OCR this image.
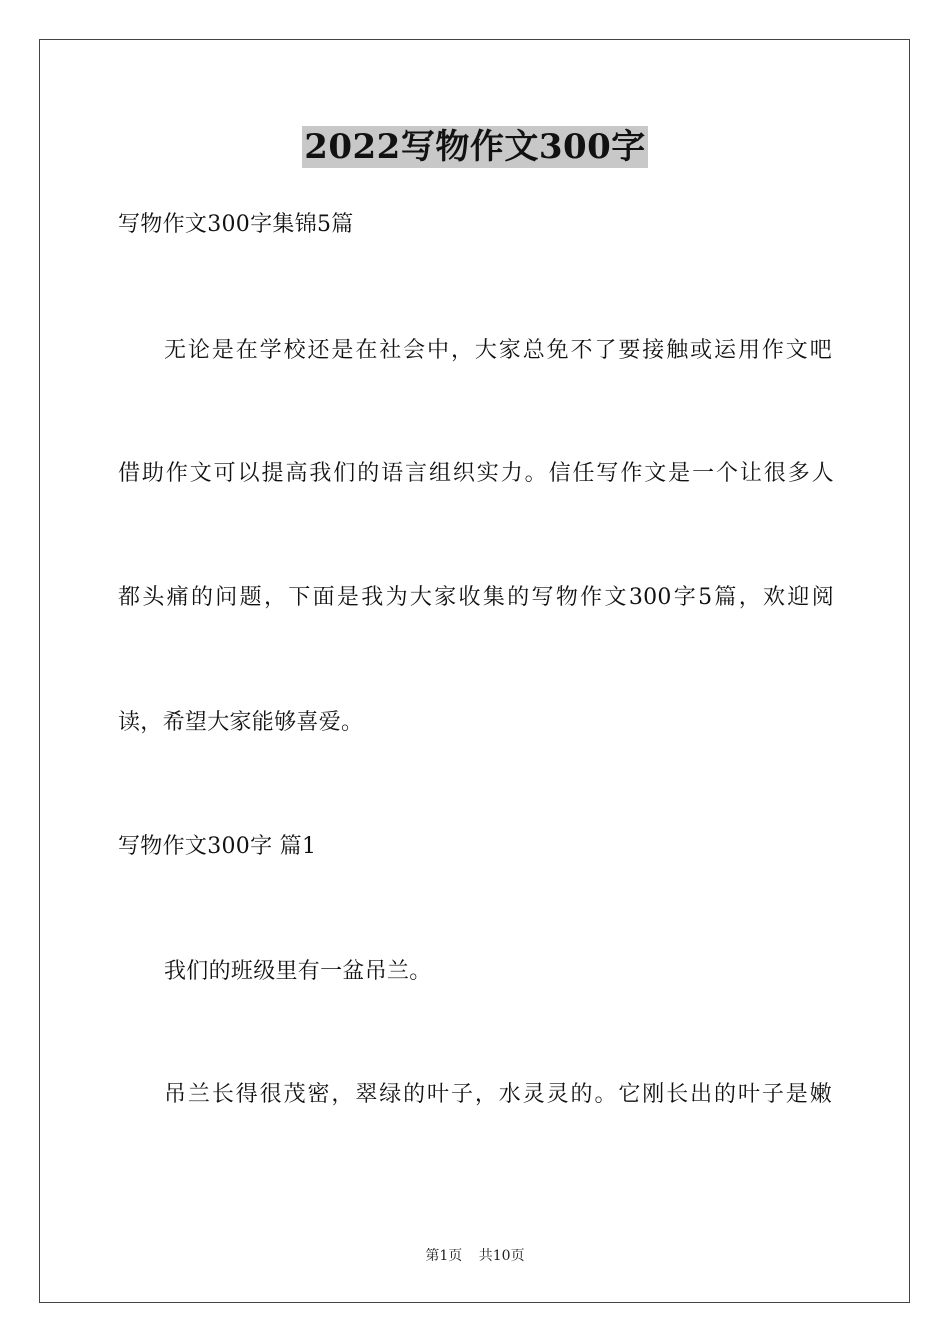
2022写物作文300字
写物作文300字集锦5篇
无论是在学校还是在社会中，大家总免不了要接触或运用作文吧
借助作文可以提高我们的语言组织实力。信任写作文是一个让很多人
都头痛的问题，下面是我为大家收集的写物作文300字5篇，欢迎阅
读，希望大家能够喜爱。
写物作文300字 篇1
我们的班级里有一盆吊兰。
吊兰长得很茂密，翠绿的叶子，水灵灵的。它刚长出的叶子是嫩
第1页 共10页
